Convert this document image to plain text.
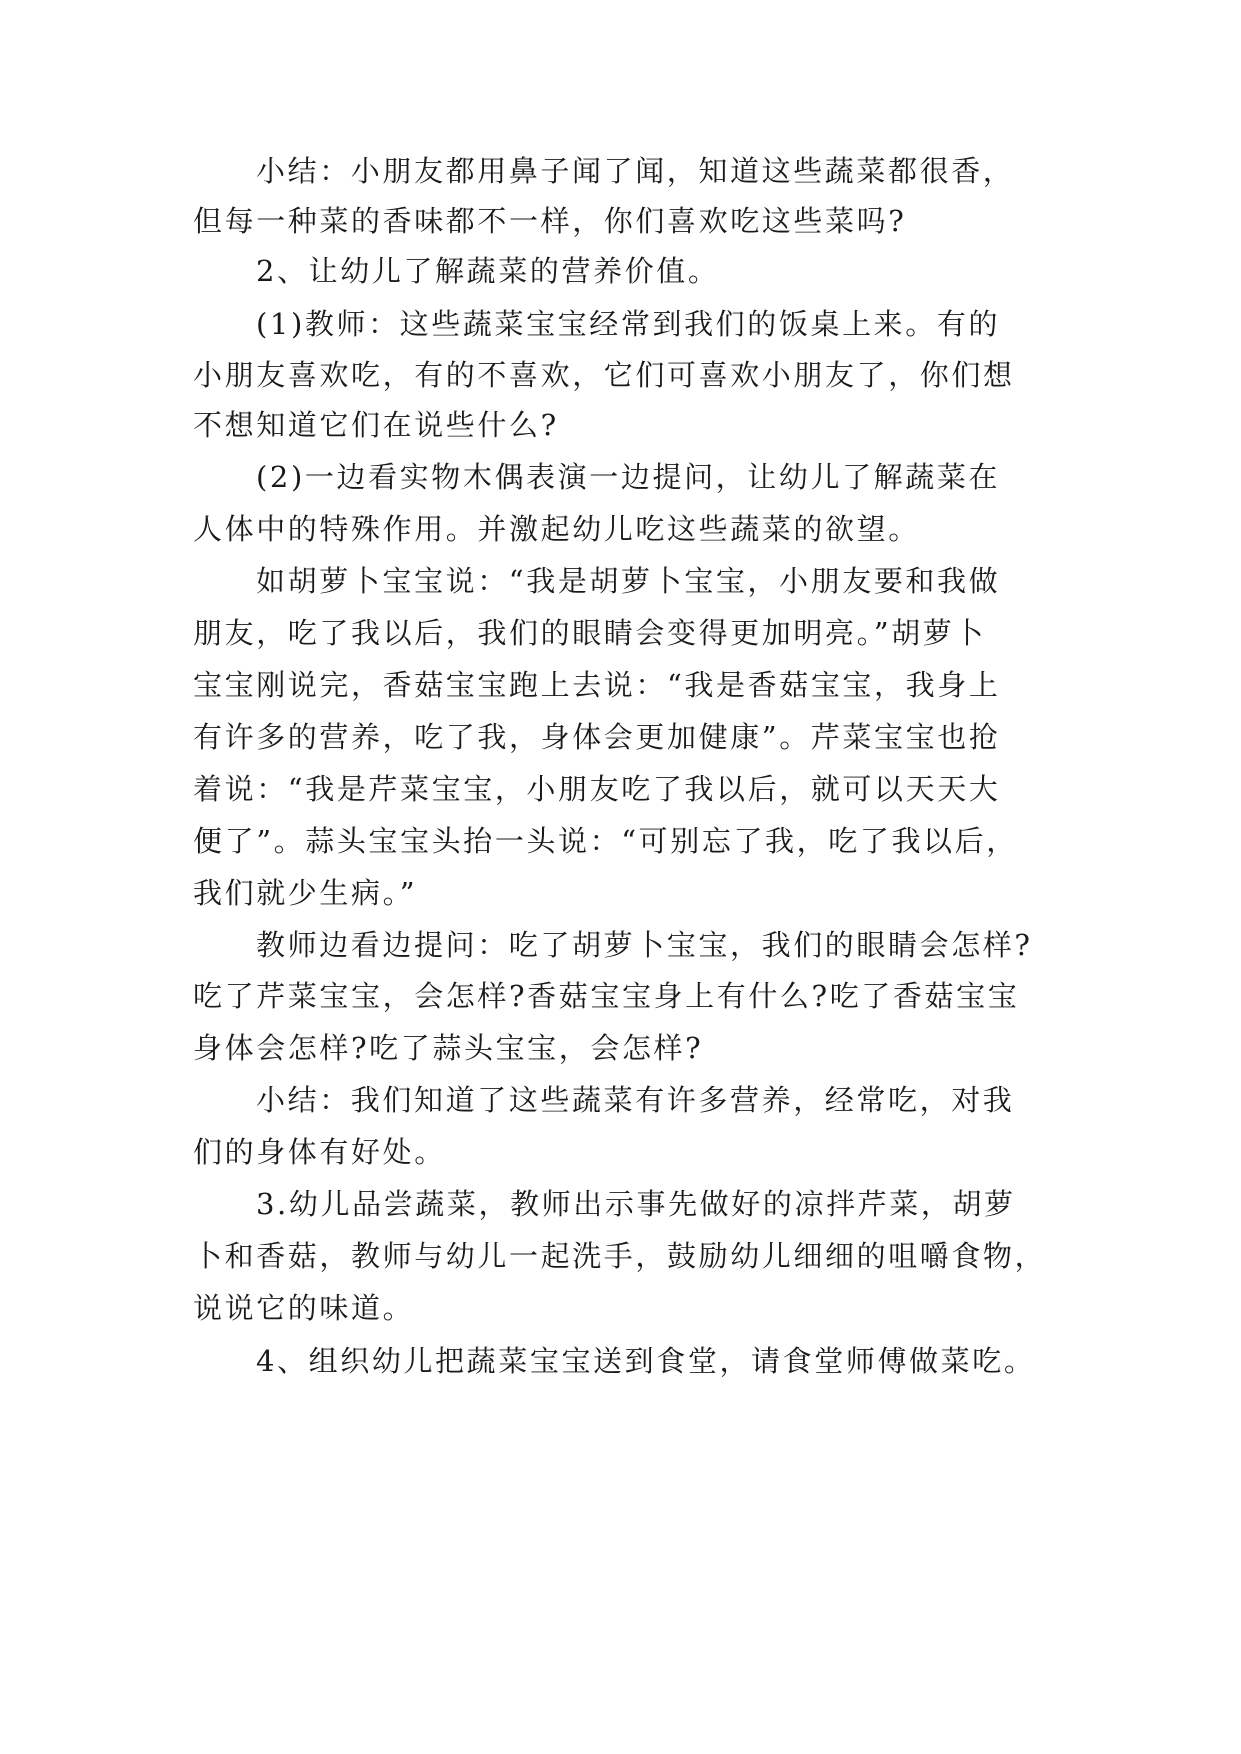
小结：小朋友都用鼻子闻了闻，知道这些蔬菜都很香，

但每一种菜的香味都不一样，你们喜欢吃这些菜吗?

2、让幼儿了解蔬菜的营养价值。

(1)教师：这些蔬菜宝宝经常到我们的饭桌上来。有的

小朋友喜欢吃，有的不喜欢，它们可喜欢小朋友了，你们想

不想知道它们在说些什么?

(2)一边看实物木偶表演一边提问，让幼儿了解蔬菜在

人体中的特殊作用。并激起幼儿吃这些蔬菜的欲望。

如胡萝卜宝宝说：“我是胡萝卜宝宝，小朋友要和我做

朋友，吃了我以后，我们的眼睛会变得更加明亮。”胡萝卜

宝宝刚说完，香菇宝宝跑上去说：“我是香菇宝宝，我身上

有许多的营养，吃了我，身体会更加健康”。芹菜宝宝也抢

着说：“我是芹菜宝宝，小朋友吃了我以后，就可以天天大

便了”。蒜头宝宝头抬一头说：“可别忘了我，吃了我以后，

我们就少生病。”

教师边看边提问：吃了胡萝卜宝宝，我们的眼睛会怎样?

吃了芹菜宝宝，会怎样?香菇宝宝身上有什么?吃了香菇宝宝

身体会怎样?吃了蒜头宝宝，会怎样?

小结：我们知道了这些蔬菜有许多营养，经常吃，对我

们的身体有好处。

3.幼儿品尝蔬菜，教师出示事先做好的凉拌芹菜，胡萝

卜和香菇，教师与幼儿一起洗手，鼓励幼儿细细的咀嚼食物，

说说它的味道。

4、组织幼儿把蔬菜宝宝送到食堂，请食堂师傅做菜吃。
